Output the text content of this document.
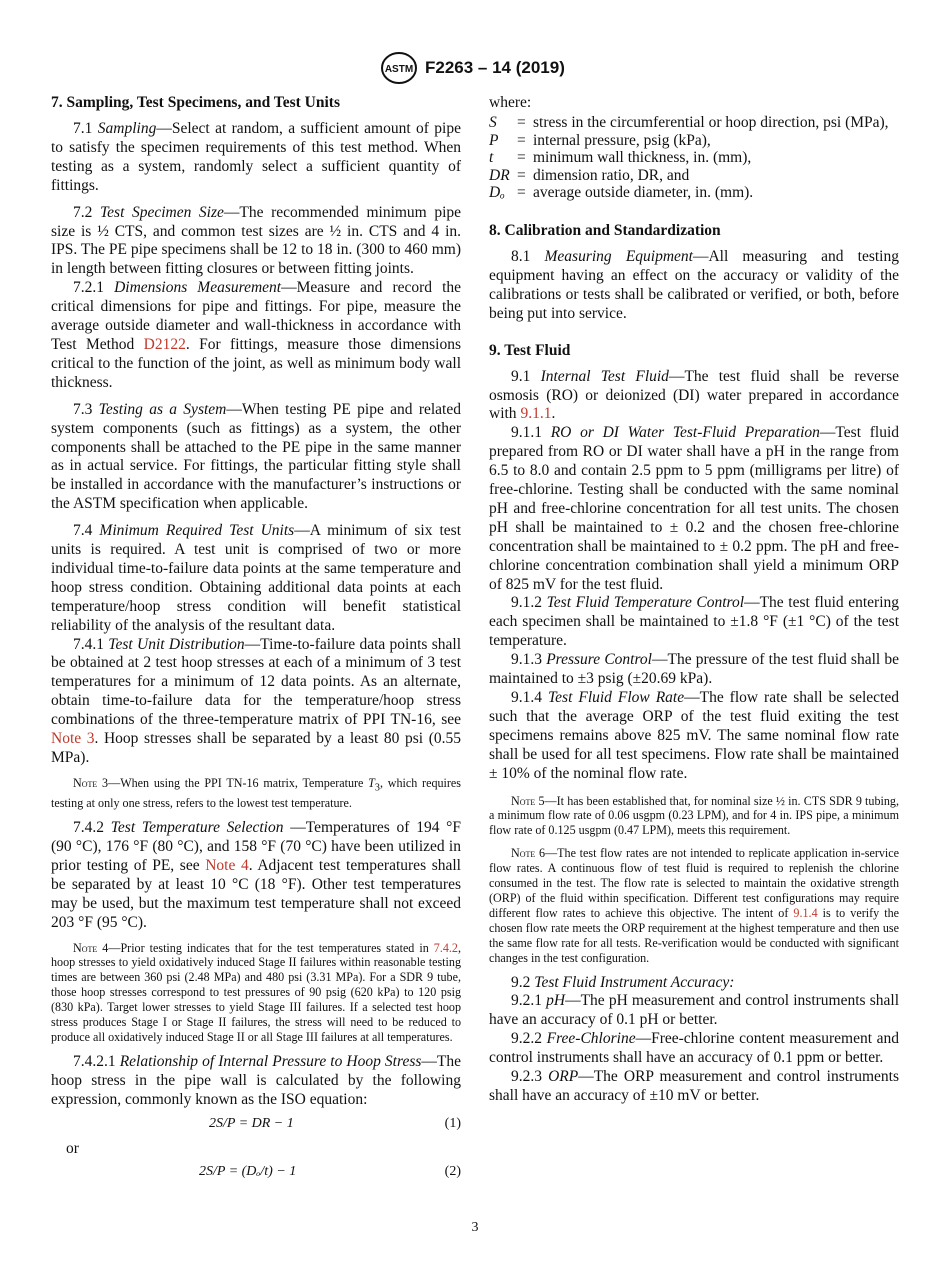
ASTM F2263 – 14 (2019)
7. Sampling, Test Specimens, and Test Units

7.1 Sampling—Select at random, a sufficient amount of pipe to satisfy the specimen requirements of this test method. When testing as a system, randomly select a sufficient quantity of fittings.

7.2 Test Specimen Size—The recommended minimum pipe size is ½ CTS, and common test sizes are ½ in. CTS and 4 in. IPS. The PE pipe specimens shall be 12 to 18 in. (300 to 460 mm) in length between fitting closures or between fitting joints.

7.2.1 Dimensions Measurement—Measure and record the critical dimensions for pipe and fittings. For pipe, measure the average outside diameter and wall-thickness in accordance with Test Method D2122. For fittings, measure those dimensions critical to the function of the joint, as well as minimum body wall thickness.

7.3 Testing as a System—When testing PE pipe and related system components (such as fittings) as a system, the other components shall be attached to the PE pipe in the same manner as in actual service. For fittings, the particular fitting style shall be installed in accordance with the manufacturer’s instructions or the ASTM specification when applicable.

7.4 Minimum Required Test Units—A minimum of six test units is required. A test unit is comprised of two or more individual time-to-failure data points at the same temperature and hoop stress condition. Obtaining additional data points at each temperature/hoop stress condition will benefit statistical reliability of the analysis of the resultant data.

7.4.1 Test Unit Distribution—Time-to-failure data points shall be obtained at 2 test hoop stresses at each of a minimum of 3 test temperatures for a minimum of 12 data points. As an alternate, obtain time-to-failure data for the temperature/hoop stress combinations of the three-temperature matrix of PPI TN-16, see Note 3. Hoop stresses shall be separated by a least 80 psi (0.55 MPa).

Note 3—When using the PPI TN-16 matrix, Temperature $T_3$, which requires testing at only one stress, refers to the lowest test temperature.

7.4.2 Test Temperature Selection —Temperatures of 194 °F (90 °C), 176 °F (80 °C), and 158 °F (70 °C) have been utilized in prior testing of PE, see Note 4. Adjacent test temperatures shall be separated by at least 10 °C (18 °F). Other test temperatures may be used, but the maximum test temperature shall not exceed 203 °F (95 °C).

Note 4—Prior testing indicates that for the test temperatures stated in 7.4.2, hoop stresses to yield oxidatively induced Stage II failures within reasonable testing times are between 360 psi (2.48 MPa) and 480 psi (3.31 MPa). For a SDR 9 tube, those hoop stresses correspond to test pressures of 90 psig (620 kPa) to 120 psig (830 kPa). Target lower stresses to yield Stage III failures. If a selected test hoop stress produces Stage I or Stage II failures, the stress will need to be reduced to produce all oxidatively induced Stage II or all Stage III failures at all temperatures.

7.4.2.1 Relationship of Internal Pressure to Hoop Stress—The hoop stress in the pipe wall is calculated by the following expression, commonly known as the ISO equation:

2S/P = DR − 1	(1)
or
2S/P = (Dₒ/t) − 1	(2)
where:
S	= stress in the circumferential or hoop direction, psi (MPa),
P	= internal pressure, psig (kPa),
t	= minimum wall thickness, in. (mm),
DR = dimension ratio, DR, and
Dₒ = average outside diameter, in. (mm).
8. Calibration and Standardization

8.1 Measuring Equipment—All measuring and testing equipment having an effect on the accuracy or validity of the calibrations or tests shall be calibrated or verified, or both, before being put into service.

9. Test Fluid

9.1 Internal Test Fluid—The test fluid shall be reverse osmosis (RO) or deionized (DI) water prepared in accordance with 9.1.1.

9.1.1 RO or DI Water Test-Fluid Preparation—Test fluid prepared from RO or DI water shall have a pH in the range from 6.5 to 8.0 and contain 2.5 ppm to 5 ppm (milligrams per litre) of free-chlorine. Testing shall be conducted with the same nominal pH and free-chlorine concentration for all test units. The chosen pH shall be maintained to ± 0.2 and the chosen free-chlorine concentration shall be maintained to ± 0.2 ppm. The pH and free-chlorine concentration combination shall yield a minimum ORP of 825 mV for the test fluid.

9.1.2 Test Fluid Temperature Control—The test fluid entering each specimen shall be maintained to ±1.8 °F (±1 °C) of the test temperature.

9.1.3 Pressure Control—The pressure of the test fluid shall be maintained to ±3 psig (±20.69 kPa).

9.1.4 Test Fluid Flow Rate—The flow rate shall be selected such that the average ORP of the test fluid exiting the test specimens remains above 825 mV. The same nominal flow rate shall be used for all test specimens. Flow rate shall be maintained ± 10% of the nominal flow rate.

Note 5—It has been established that, for nominal size ½ in. CTS SDR 9 tubing, a minimum flow rate of 0.06 usgpm (0.23 LPM), and for 4 in. IPS pipe, a minimum flow rate of 0.125 usgpm (0.47 LPM), meets this requirement.

Note 6—The test flow rates are not intended to replicate application in-service flow rates. A continuous flow of test fluid is required to replenish the chlorine consumed in the test. The flow rate is selected to maintain the oxidative strength (ORP) of the fluid within specification. Different test configurations may require different flow rates to achieve this objective. The intent of 9.1.4 is to verify the chosen flow rate meets the ORP requirement at the highest temperature and then use the same flow rate for all tests. Re-verification would be conducted with significant changes in the test configuration.

9.2 Test Fluid Instrument Accuracy:

9.2.1 pH—The pH measurement and control instruments shall have an accuracy of 0.1 pH or better.

9.2.2 Free-Chlorine—Free-chlorine content measurement and control instruments shall have an accuracy of 0.1 ppm or better.

9.2.3 ORP—The ORP measurement and control instruments shall have an accuracy of ±10 mV or better.

3
